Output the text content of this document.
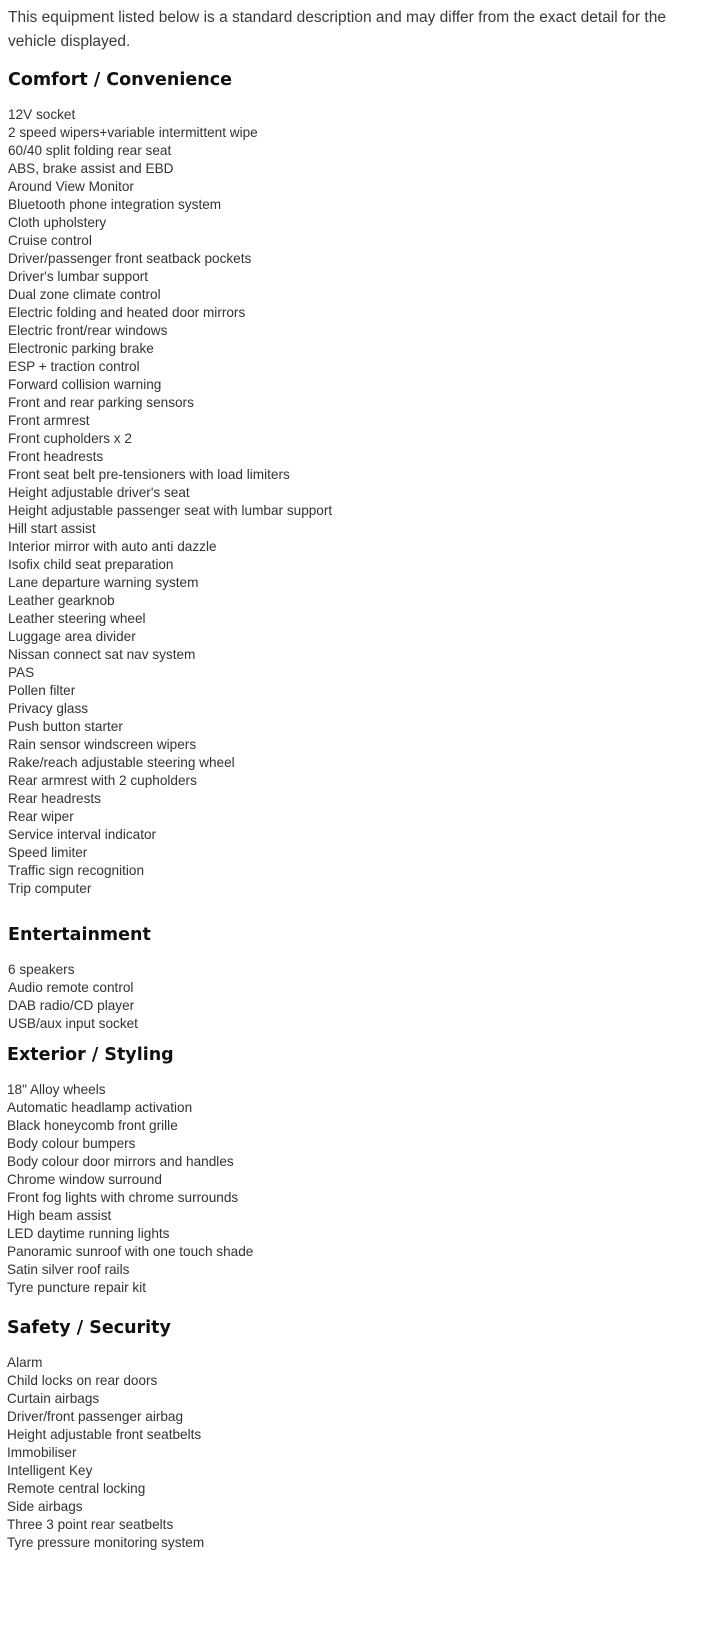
This equipment listed below is a standard description and may differ from the exact detail for the vehicle displayed.

Comfort / Convenience
12V socket
2 speed wipers+variable intermittent wipe
60/40 split folding rear seat
ABS, brake assist and EBD
Around View Monitor
Bluetooth phone integration system
Cloth upholstery
Cruise control
Driver/passenger front seatback pockets
Driver's lumbar support
Dual zone climate control
Electric folding and heated door mirrors
Electric front/rear windows
Electronic parking brake
ESP + traction control
Forward collision warning
Front and rear parking sensors
Front armrest
Front cupholders x 2
Front headrests
Front seat belt pre-tensioners with load limiters
Height adjustable driver's seat
Height adjustable passenger seat with lumbar support
Hill start assist
Interior mirror with auto anti dazzle
Isofix child seat preparation
Lane departure warning system
Leather gearknob
Leather steering wheel
Luggage area divider
Nissan connect sat nav system
PAS
Pollen filter
Privacy glass
Push button starter
Rain sensor windscreen wipers
Rake/reach adjustable steering wheel
Rear armrest with 2 cupholders
Rear headrests
Rear wiper
Service interval indicator
Speed limiter
Traffic sign recognition
Trip computer
Entertainment
6 speakers
Audio remote control
DAB radio/CD player
USB/aux input socket
Exterior / Styling
18" Alloy wheels
Automatic headlamp activation
Black honeycomb front grille
Body colour bumpers
Body colour door mirrors and handles
Chrome window surround
Front fog lights with chrome surrounds
High beam assist
LED daytime running lights
Panoramic sunroof with one touch shade
Satin silver roof rails
Tyre puncture repair kit
Safety / Security
Alarm
Child locks on rear doors
Curtain airbags
Driver/front passenger airbag
Height adjustable front seatbelts
Immobiliser
Intelligent Key
Remote central locking
Side airbags
Three 3 point rear seatbelts
Tyre pressure monitoring system
